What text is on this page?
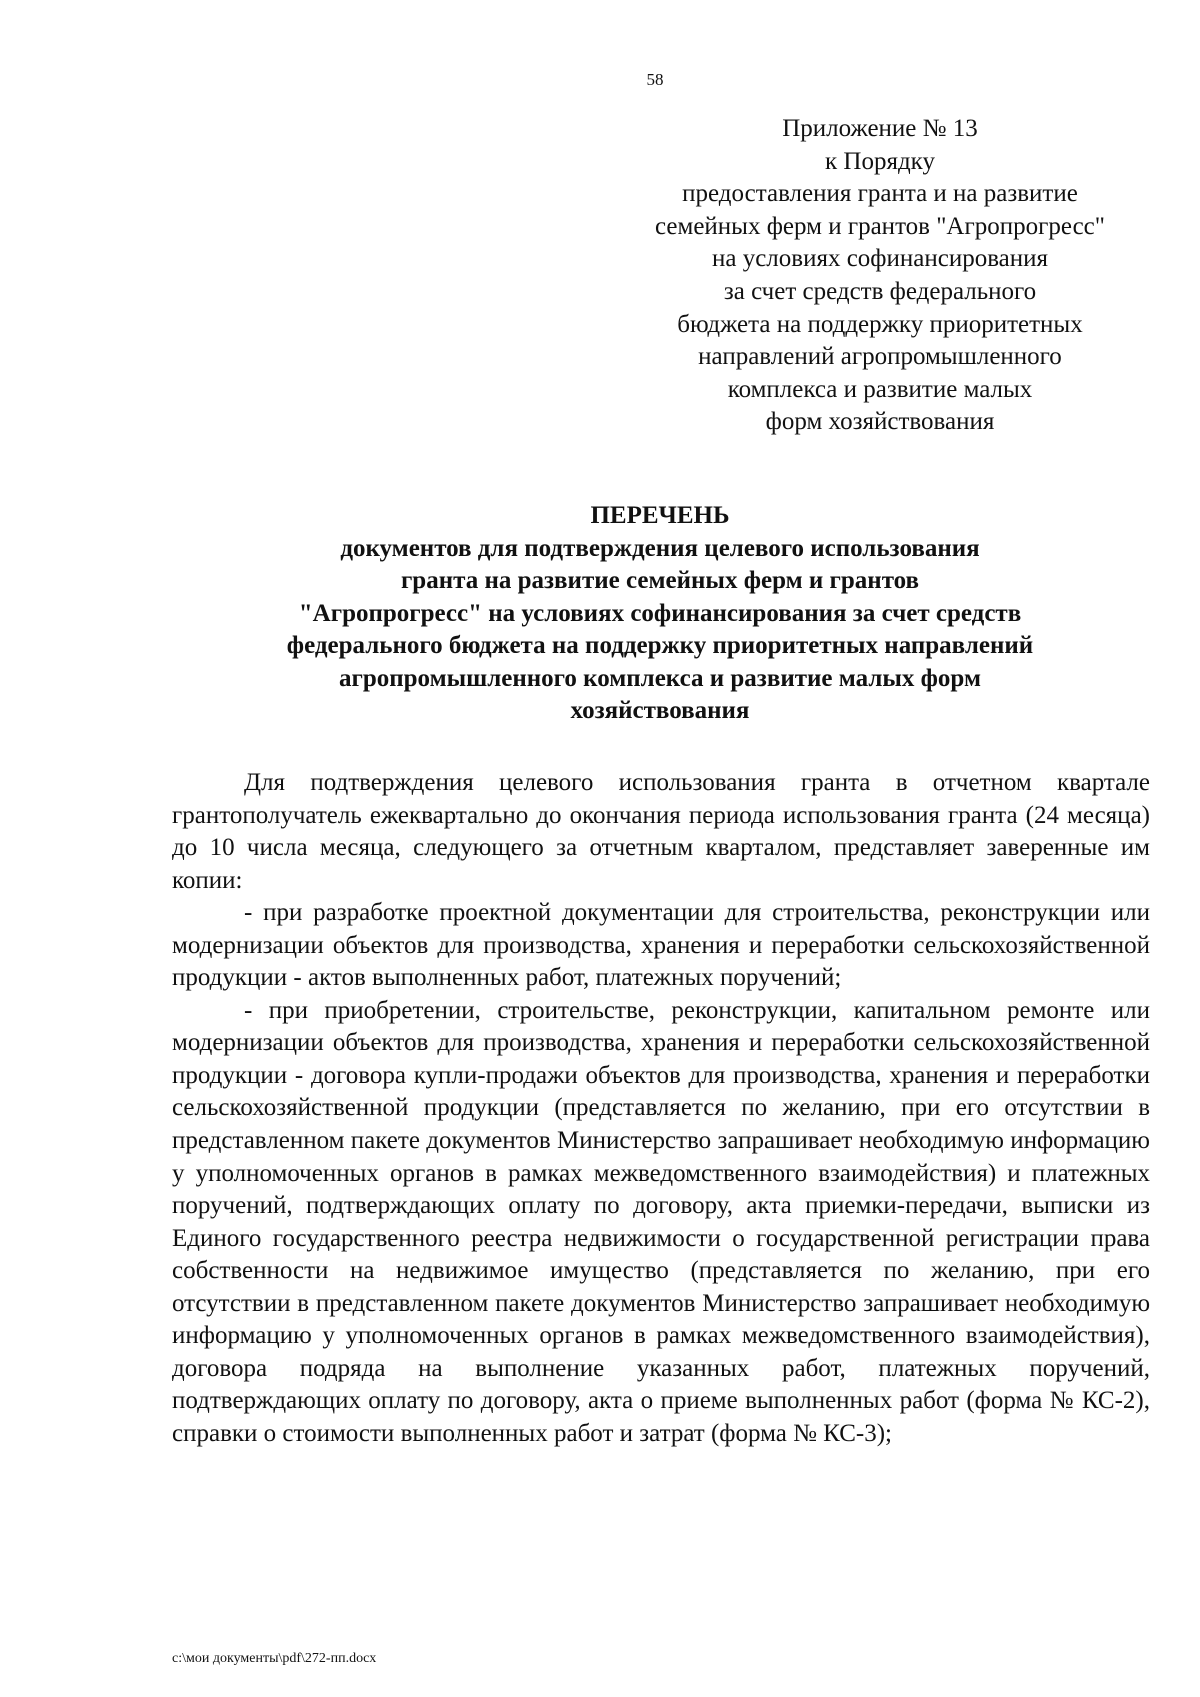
58
Приложение № 13
к Порядку
предоставления гранта и на развитие
семейных ферм и грантов "Агропрогресс"
на условиях софинансирования
за счет средств федерального
бюджета на поддержку приоритетных
направлений агропромышленного
комплекса и развитие малых
форм хозяйствования
ПЕРЕЧЕНЬ
документов для подтверждения целевого использования
гранта на развитие семейных ферм и грантов
"Агропрогресс" на условиях софинансирования за счет средств
федерального бюджета на поддержку приоритетных направлений
агропромышленного комплекса и развитие малых форм
хозяйствования

Для подтверждения целевого использования гранта в отчетном квартале грантополучатель ежеквартально до окончания периода использования гранта (24 месяца) до 10 числа месяца, следующего за отчетным кварталом, представляет заверенные им копии:

- при разработке проектной документации для строительства, реконструкции или модернизации объектов для производства, хранения и переработки сельскохозяйственной продукции - актов выполненных работ, платежных поручений;

- при приобретении, строительстве, реконструкции, капитальном ремонте или модернизации объектов для производства, хранения и переработки сельскохозяйственной продукции - договора купли-продажи объектов для производства, хранения и переработки сельскохозяйственной продукции (представляется по желанию, при его отсутствии в представленном пакете документов Министерство запрашивает необходимую информацию у уполномоченных органов в рамках межведомственного взаимодействия) и платежных поручений, подтверждающих оплату по договору, акта приемки-передачи, выписки из Единого государственного реестра недвижимости о государственной регистрации права собственности на недвижимое имущество (представляется по желанию, при его отсутствии в представленном пакете документов Министерство запрашивает необходимую информацию у уполномоченных органов в рамках межведомственного взаимодействия), договора подряда на выполнение указанных работ, платежных поручений, подтверждающих оплату по договору, акта о приеме выполненных работ (форма № КС-2), справки о стоимости выполненных работ и затрат (форма № КС-3);

c:\мои документы\pdf\272-пп.docx
